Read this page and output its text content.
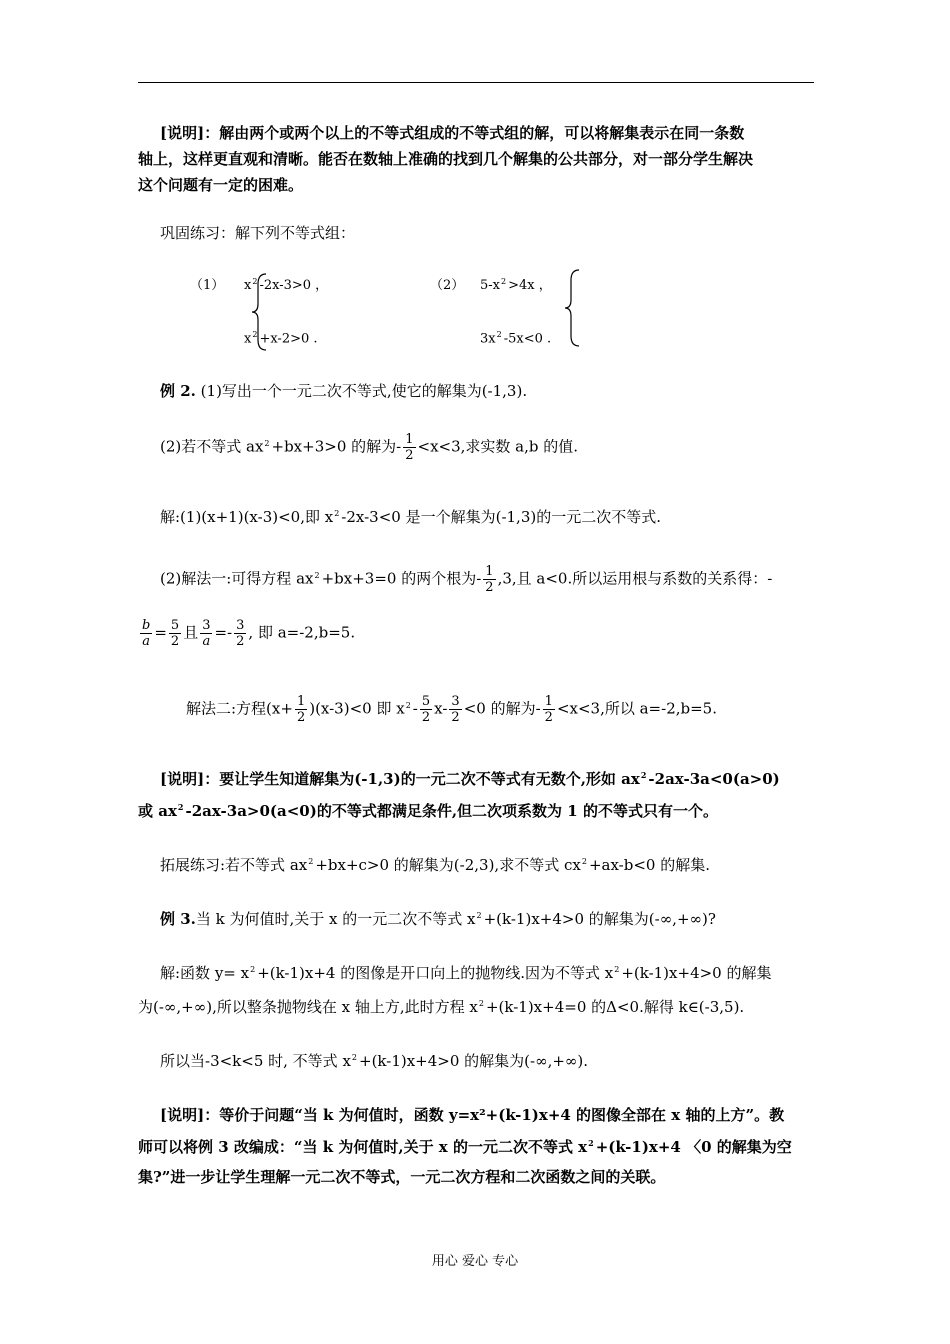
[说明]：解由两个或两个以上的不等式组成的不等式组的解，可以将解集表示在同一条数
轴上，这样更直观和清晰。能否在数轴上准确的找到几个解集的公共部分，对一部分学生解决
这个问题有一定的困难。
巩固练习：解下列不等式组：
（1） $x^2$ -2x-3>0 ，
$x^2 +x-2>0$ .
（2） $5-x^2 >4x$ ，
$3x^2$ -5x<0 .
例 2. (1)写出一个一元二次不等式,使它的解集为(-1,3).
(2)若不等式 $ax^2 +bx+3>0$ 的解为- $\frac{1}{2} <x<3$,求实数 a,b 的值.
解:(1)(x+1)(x-3)<0,即 $x^2$ -2x-3<0 是一个解集为(-1,3)的一元二次不等式.
(2)解法一:可得方程 $ax^2 +bx+3=0$ 的两个根为- $\frac{1}{2} ,3$,且 a<0.所以运用根与系数的关系得：-
$\frac{b}{a} = \frac{5}{2}$ 且 $\frac{3}{a} =- \frac{3}{2}$ , 即 a=-2,b=5.
解法二:方程$(x+ \frac{1}{2} )(x-3)<0$ 即 $x^2 - \frac{5}{2} x- \frac{3}{2} <0$ 的解为- $\frac{1}{2} <x<3$,所以 a=-2,b=5.
[说明]：要让学生知道解集为(-1,3)的一元二次不等式有无数个,形如 $ax^2$ -2ax-3a<0(a>0)
或 $ax^2$ -2ax-3a>0(a<0)的不等式都满足条件,但二次项系数为 1 的不等式只有一个。
拓展练习:若不等式 $ax^2 +bx+c>0$ 的解集为(-2,3),求不等式 $cx^2 +ax-b<0$ 的解集.
例 3.当 k 为何值时,关于 x 的一元二次不等式 $x^2 +(k-1)x+4>0$ 的解集为(-∞,+∞)?
解:函数 $y= x^2 +(k-1)x+4$ 的图像是开口向上的抛物线.因为不等式 $x^2 +(k-1)x+4>0$ 的解集
为(-∞,+∞),所以整条抛物线在 x 轴上方,此时方程 $x^2 +(k-1)x+4=0$ 的Δ<0.解得 k∈(-3,5).
所以当-3<k<5 时, 不等式 $x^2 +(k-1)x+4>0$ 的解集为(-∞,+∞).
[说明]：等价于问题“当 k 为何值时，函数 y=x²+(k-1)x+4 的图像全部在 x 轴的上方”。教
师可以将例 3 改编成：“当 k 为何值时,关于 x 的一元二次不等式 $x^2 +(k-1)x+4$ 〈0 的解集为空
集?”进一步让学生理解一元二次不等式，一元二次方程和二次函数之间的关联。
用心 爱心 专心
